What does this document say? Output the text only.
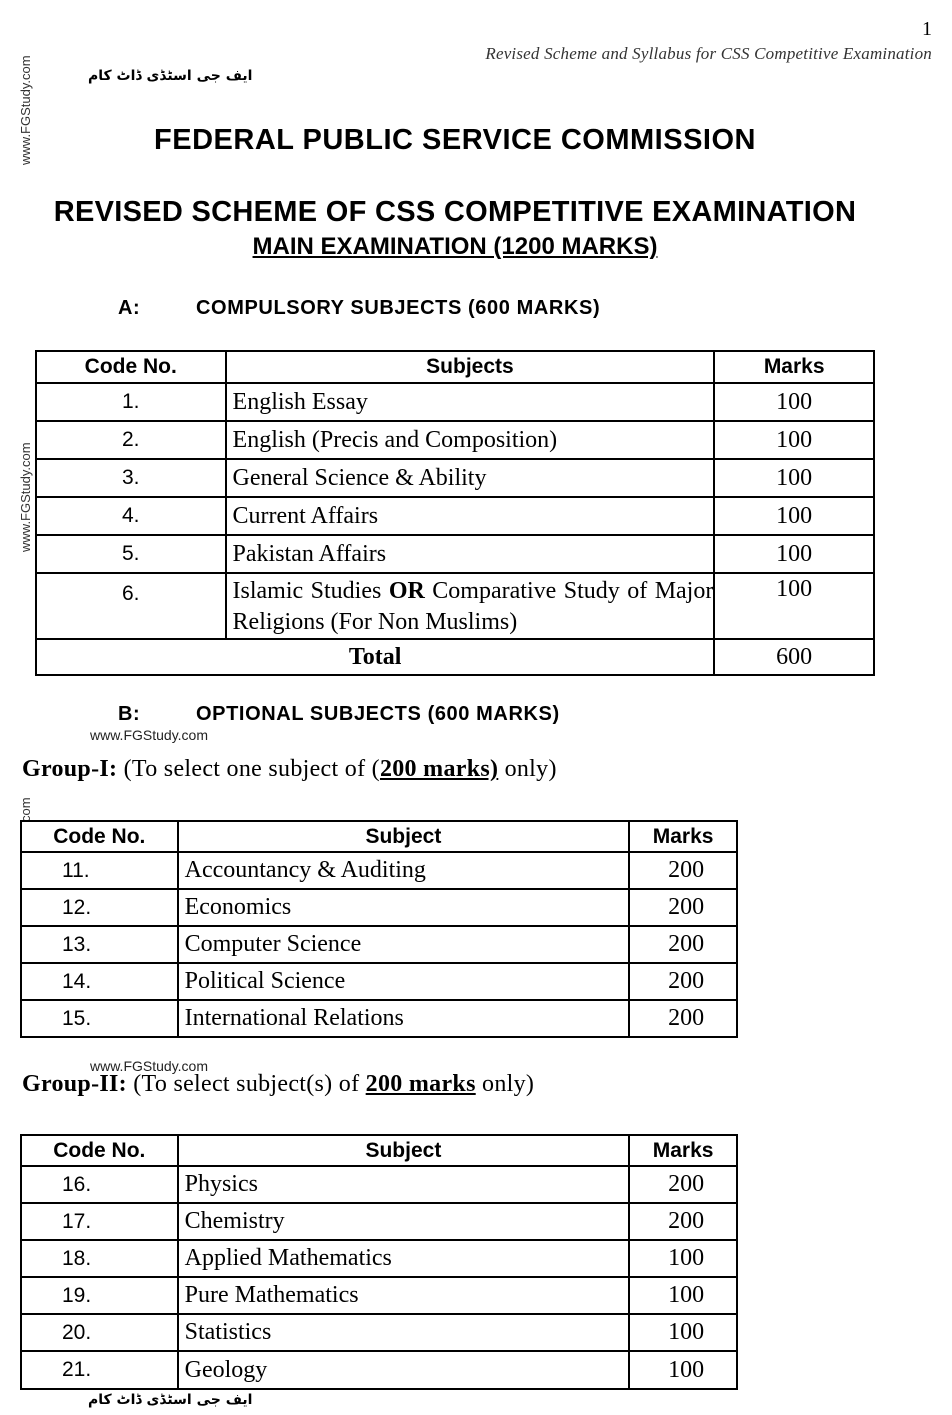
1
Revised Scheme and Syllabus for CSS Competitive Examination
ایف جی اسٹڈی ڈاٹ کام
www.FGStudy.com
www.FGStudy.com
com
FEDERAL PUBLIC SERVICE COMMISSION
REVISED SCHEME OF CSS COMPETITIVE EXAMINATION
MAIN EXAMINATION (1200 MARKS)
A:	COMPULSORY SUBJECTS (600 MARKS)
Code No.	Subjects	Marks
1.	English Essay	100
2.	English (Precis and Composition)	100
3.	General Science & Ability	100
4.	Current Affairs	100
5.	Pakistan Affairs	100
6.	Islamic Studies OR Comparative Study of Major Religions (For Non Muslims)	100
Total		600
B:	OPTIONAL SUBJECTS (600 MARKS)
www.FGStudy.com
Group-I: (To select one subject of (200 marks) only)
Code No.	Subject	Marks
11.	Accountancy & Auditing	200
12.	Economics	200
13.	Computer Science	200
14.	Political Science	200
15.	International Relations	200
www.FGStudy.com
Group-II: (To select subject(s) of 200 marks only)
Code No.	Subject	Marks
16.	Physics	200
17.	Chemistry	200
18.	Applied Mathematics	100
19.	Pure Mathematics	100
20.	Statistics	100
21.	Geology	100
ایف جی اسٹڈی ڈاٹ کام
